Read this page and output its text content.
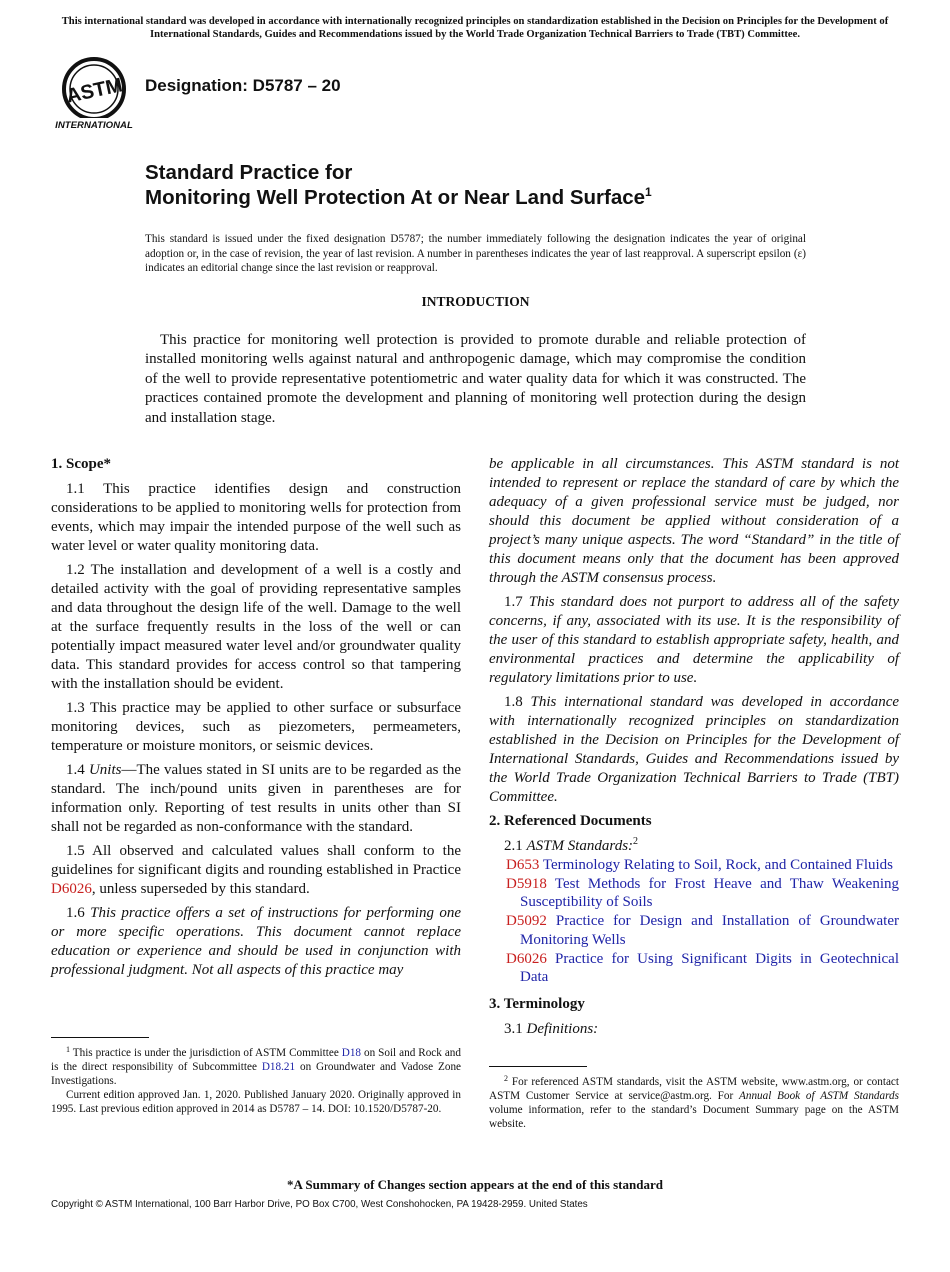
This international standard was developed in accordance with internationally recognized principles on standardization established in the Decision on Principles for the Development of International Standards, Guides and Recommendations issued by the World Trade Organization Technical Barriers to Trade (TBT) Committee.
ASTM
INTERNATIONAL
Designation: D5787 – 20
Standard Practice for
Monitoring Well Protection At or Near Land Surface$^1$
This standard is issued under the fixed designation D5787; the number immediately following the designation indicates the year of original adoption or, in the case of revision, the year of last revision. A number in parentheses indicates the year of last reapproval. A superscript epsilon (ε) indicates an editorial change since the last revision or reapproval.
INTRODUCTION

This practice for monitoring well protection is provided to promote durable and reliable protection of installed monitoring wells against natural and anthropogenic damage, which may compromise the condition of the well to provide representative potentiometric and water quality data for which it was constructed. The practices contained promote the development and planning of monitoring well protection during the design and installation stage.

1. Scope*

1.1 This practice identifies design and construction considerations to be applied to monitoring wells for protection from events, which may impair the intended purpose of the well such as water level or water quality monitoring data.

1.2 The installation and development of a well is a costly and detailed activity with the goal of providing representative samples and data throughout the design life of the well. Damage to the well at the surface frequently results in the loss of the well or can potentially impact measured water level and/or groundwater quality data. This standard provides for access control so that tampering with the installation should be evident.

1.3 This practice may be applied to other surface or subsurface monitoring devices, such as piezometers, permeameters, temperature or moisture monitors, or seismic devices.

1.4 Units—The values stated in SI units are to be regarded as the standard. The inch/pound units given in parentheses are for information only. Reporting of test results in units other than SI shall not be regarded as non-conformance with the standard.

1.5 All observed and calculated values shall conform to the guidelines for significant digits and rounding established in Practice D6026, unless superseded by this standard.

1.6 This practice offers a set of instructions for performing one or more specific operations. This document cannot replace education or experience and should be used in conjunction with professional judgment. Not all aspects of this practice may

$^1$ This practice is under the jurisdiction of ASTM Committee D18 on Soil and Rock and is the direct responsibility of Subcommittee D18.21 on Groundwater and Vadose Zone Investigations.

Current edition approved Jan. 1, 2020. Published January 2020. Originally approved in 1995. Last previous edition approved in 2014 as D5787 – 14. DOI: 10.1520/D5787-20.

be applicable in all circumstances. This ASTM standard is not intended to represent or replace the standard of care by which the adequacy of a given professional service must be judged, nor should this document be applied without consideration of a project’s many unique aspects. The word “Standard” in the title of this document means only that the document has been approved through the ASTM consensus process.

1.7 This standard does not purport to address all of the safety concerns, if any, associated with its use. It is the responsibility of the user of this standard to establish appropriate safety, health, and environmental practices and determine the applicability of regulatory limitations prior to use.

1.8 This international standard was developed in accordance with internationally recognized principles on standardization established in the Decision on Principles for the Development of International Standards, Guides and Recommendations issued by the World Trade Organization Technical Barriers to Trade (TBT) Committee.

2. Referenced Documents

2.1 ASTM Standards:$^2$

D653 Terminology Relating to Soil, Rock, and Contained Fluids
D5918 Test Methods for Frost Heave and Thaw Weakening Susceptibility of Soils
D5092 Practice for Design and Installation of Groundwater Monitoring Wells
D6026 Practice for Using Significant Digits in Geotechnical Data
3. Terminology

3.1 Definitions:

$^2$ For referenced ASTM standards, visit the ASTM website, www.astm.org, or contact ASTM Customer Service at service@astm.org. For Annual Book of ASTM Standards volume information, refer to the standard’s Document Summary page on the ASTM website.

*A Summary of Changes section appears at the end of this standard
Copyright © ASTM International, 100 Barr Harbor Drive, PO Box C700, West Conshohocken, PA 19428-2959. United States
